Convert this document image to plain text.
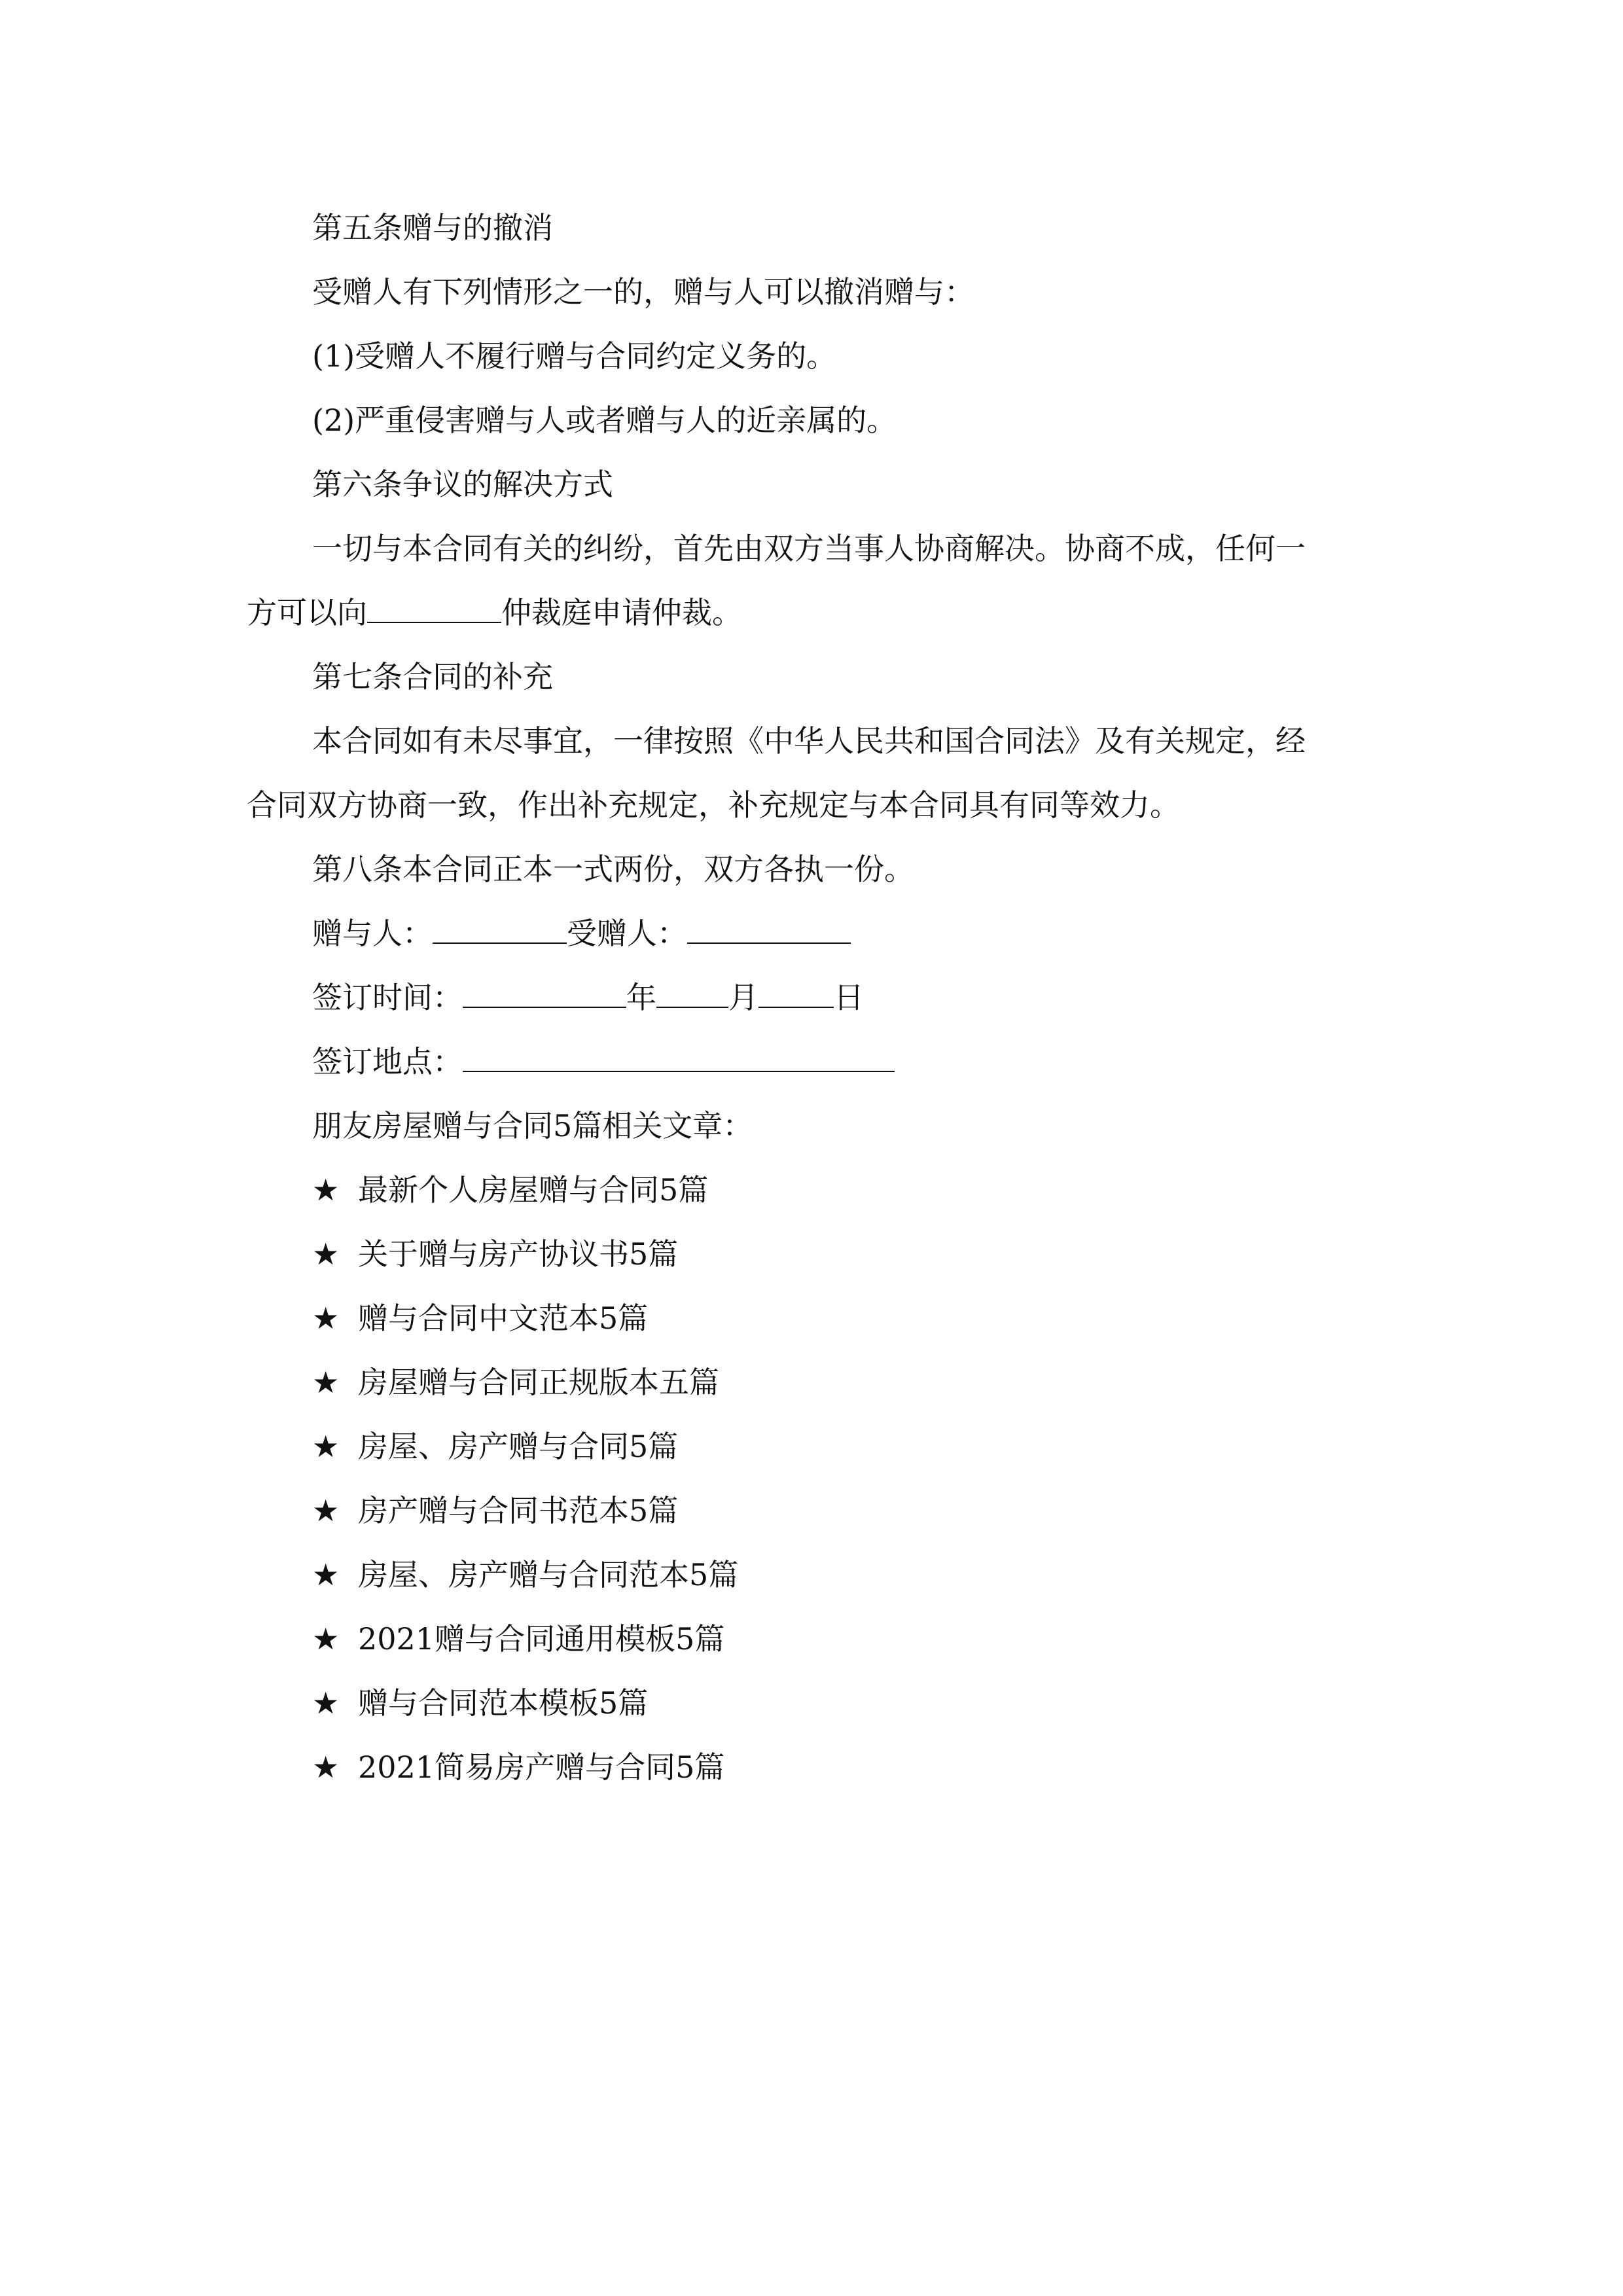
第五条赠与的撤消
受赠人有下列情形之一的，赠与人可以撤消赠与：
(1)受赠人不履行赠与合同约定义务的。
(2)严重侵害赠与人或者赠与人的近亲属的。
第六条争议的解决方式
一切与本合同有关的纠纷，首先由双方当事人协商解决。协商不成，任何一
方可以向	仲裁庭申请仲裁。
第七条合同的补充
本合同如有未尽事宜，一律按照《中华人民共和国合同法》及有关规定，经
合同双方协商一致，作出补充规定，补充规定与本合同具有同等效力。
第八条本合同正本一式两份，双方各执一份。
赠与人：	受赠人：
签订时间：	年 月	日
签订地点：
朋友房屋赠与合同5篇相关文章：
★ 最新个人房屋赠与合同5篇
★ 关于赠与房产协议书5篇
★ 赠与合同中文范本5篇
★ 房屋赠与合同正规版本五篇
★ 房屋、房产赠与合同5篇
★ 房产赠与合同书范本5篇
★ 房屋、房产赠与合同范本5篇
★ 2021赠与合同通用模板5篇
★ 赠与合同范本模板5篇
★ 2021简易房产赠与合同5篇
